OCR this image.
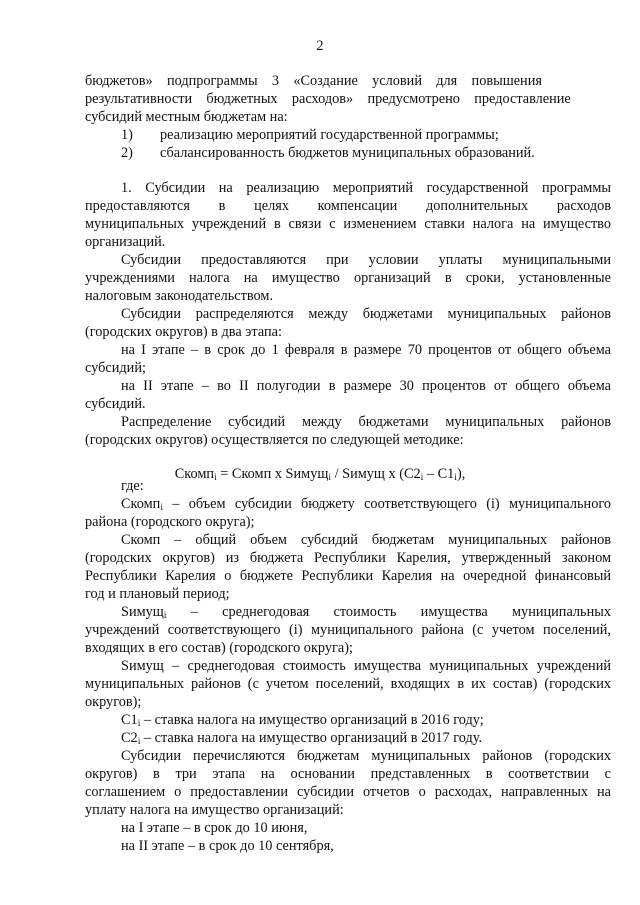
2
бюджетов»    подпрограммы    3    «Создание    условий    для    повышения
результативности    бюджетных    расходов»    предусмотрено    предоставление
субсидий местным бюджетам на:
1) реализацию мероприятий государственной программы;
2) сбалансированность бюджетов муниципальных образований.
1. Субсидии на реализацию мероприятий государственной программы
предоставляются в целях компенсации дополнительных расходов
муниципальных учреждений в связи с изменением ставки налога на имущество
организаций.
Субсидии предоставляются при условии уплаты муниципальными
учреждениями налога на имущество организаций в сроки, установленные
налоговым законодательством.
Субсидии распределяются между бюджетами муниципальных районов
(городских округов) в два этапа:
на I этапе – в срок до 1 февраля в размере 70 процентов от общего объема
субсидий;
на II этапе – во II полугодии в размере 30 процентов от общего объема
субсидий.
Распределение субсидий между бюджетами муниципальных районов
(городских округов) осуществляется по следующей методике:
Скомп$_i$ = Скомп х Sимущ$_i$ / Sимущ х $(С2_i - С1_i)$,
где:
Скомп$_i$ – объем субсидии бюджету соответствующего (i) муниципального
района (городского округа);
Скомп – общий объем субсидий бюджетам муниципальных районов
(городских округов) из бюджета Республики Карелия, утвержденный законом
Республики Карелия о бюджете Республики Карелия на очередной финансовый
год и плановый период;
Sимущ$_i$ – среднегодовая стоимость имущества муниципальных
учреждений соответствующего (i) муниципального района (с учетом поселений,
входящих в его состав) (городского округа);
Sимущ – среднегодовая стоимость имущества муниципальных учреждений
муниципальных районов (с учетом поселений, входящих в их состав) (городских
округов);
$С1_i$ – ставка налога на имущество организаций в 2016 году;
$С2_i$ – ставка налога на имущество организаций в 2017 году.
Субсидии перечисляются бюджетам муниципальных районов (городских
округов) в три этапа на основании представленных в соответствии с
соглашением о предоставлении субсидии отчетов о расходах, направленных на
уплату налога на имущество организаций:
на I этапе – в срок до 10 июня,
на II этапе – в срок до 10 сентября,
